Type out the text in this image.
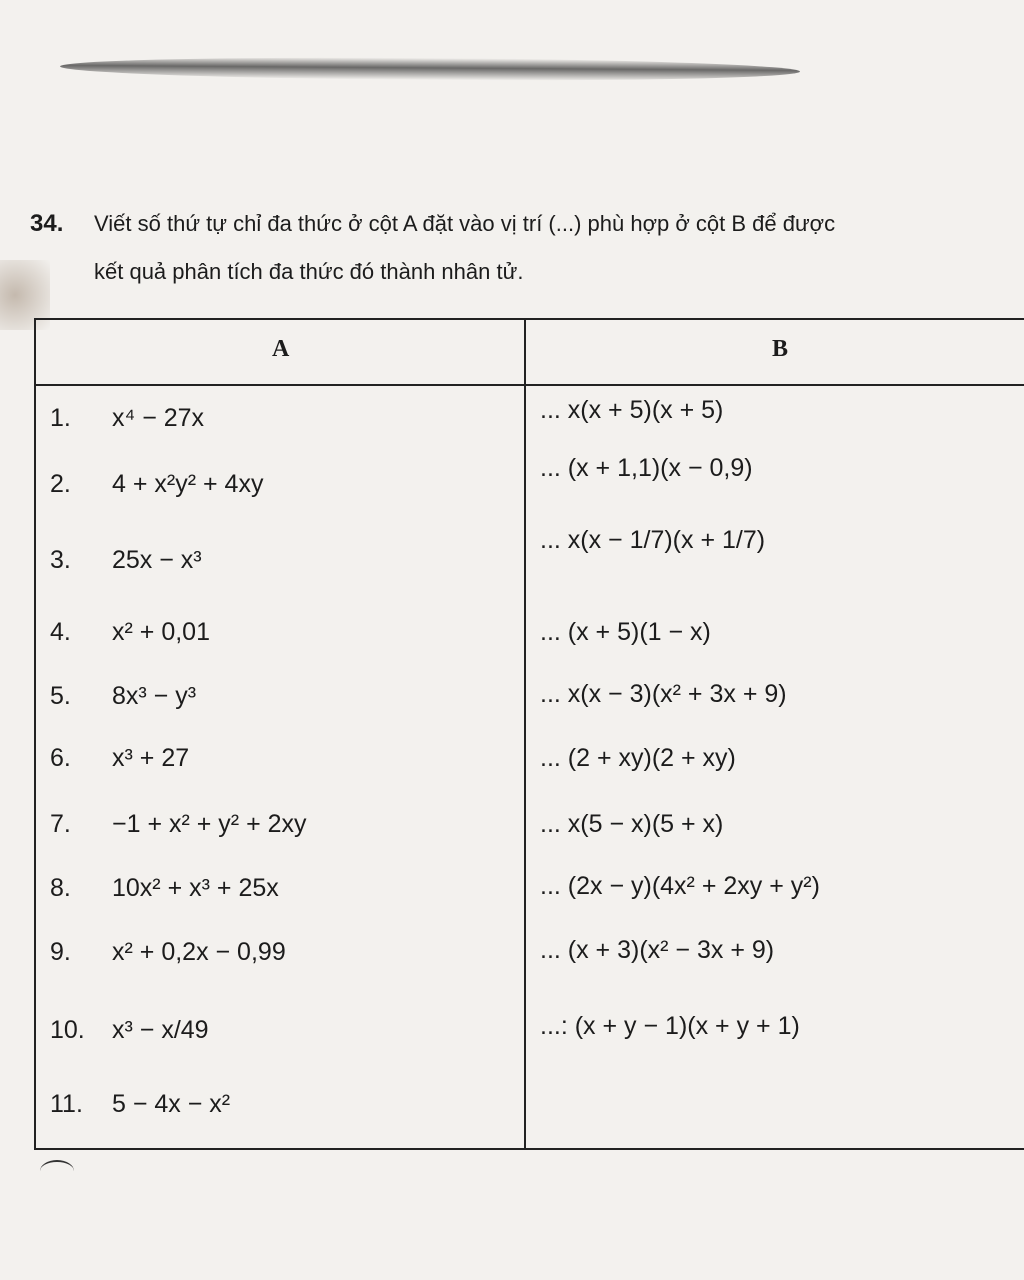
34. Viết số thứ tự chỉ đa thức ở cột A đặt vào vị trí (...) phù hợp ở cột B để được
kết quả phân tích đa thức đó thành nhân tử.
A	B
1. x⁴ − 27x
2. 4 + x²y² + 4xy
3. 25x − x³
4. x² + 0,01
5. 8x³ − y³
6. x³ + 27
7. −1 + x² + y² + 2xy
8. 10x² + x³ + 25x
9. x² + 0,2x − 0,99
10. x³ − x/49
11. 5 − 4x − x²
... x(x + 5)(x + 5)
... (x + 1,1)(x − 0,9)
... x(x − 1/7)(x + 1/7)
... (x + 5)(1 − x)
... x(x − 3)(x² + 3x + 9)
... (2 + xy)(2 + xy)
... x(5 − x)(5 + x)
... (2x − y)(4x² + 2xy + y²)
... (x + 3)(x² − 3x + 9)
...: (x + y − 1)(x + y + 1)
